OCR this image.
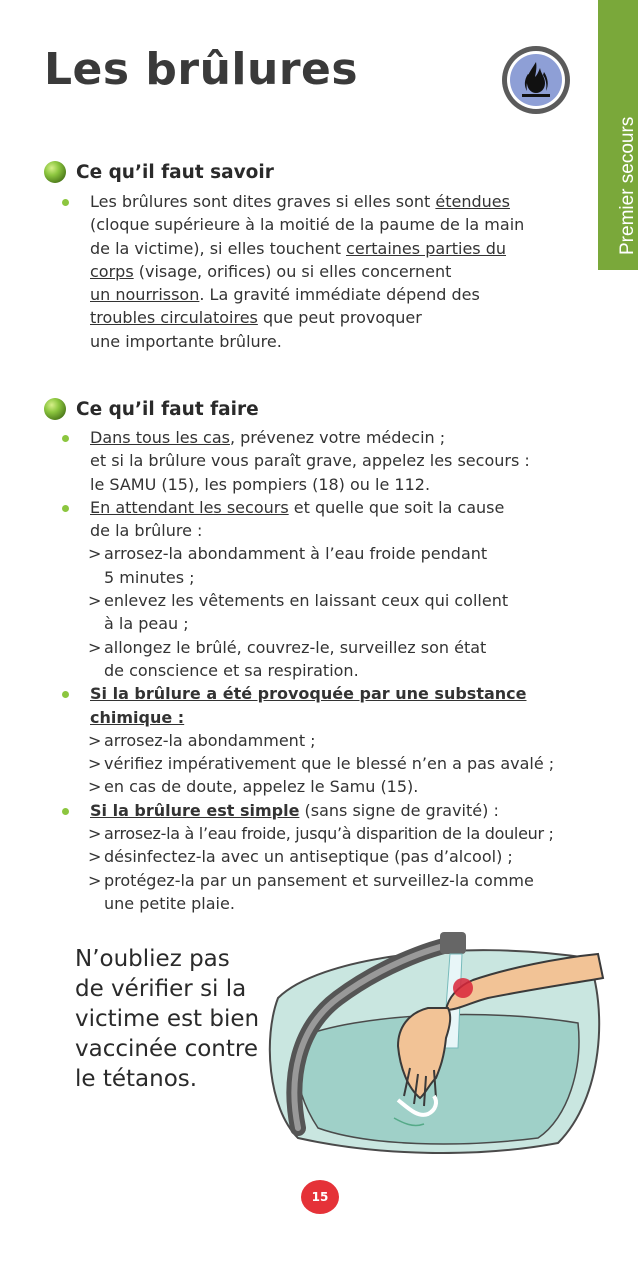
Les brûlures
Premier secours
Ce qu’il faut savoir
Les brûlures sont dites graves si elles sont étendues
(cloque supérieure à la moitié de la paume de la main
de la victime), si elles touchent certaines parties du
corps (visage, orifices) ou si elles concernent
un nourrisson. La gravité immédiate dépend des
troubles circulatoires que peut provoquer
une importante brûlure.
Ce qu’il faut faire
Dans tous les cas, prévenez votre médecin ;
et si la brûlure vous paraît grave, appelez les secours :
le SAMU (15), les pompiers (18) ou le 112.
En attendant les secours et quelle que soit la cause
de la brûlure :
> arrosez-la abondamment à l’eau froide pendant
5 minutes ;
> enlevez les vêtements en laissant ceux qui collent
à la peau ;
> allongez le brûlé, couvrez-le, surveillez son état
de conscience et sa respiration.
Si la brûlure a été provoquée par une substance
chimique :
> arrosez-la abondamment ;
> vérifiez impérativement que le blessé n’en a pas avalé ;
> en cas de doute, appelez le Samu (15).
Si la brûlure est simple (sans signe de gravité) :
> arrosez-la à l’eau froide, jusqu’à disparition de la douleur ;
> désinfectez-la avec un antiseptique (pas d’alcool) ;
> protégez-la par un pansement et surveillez-la comme
une petite plaie.
N’oubliez pas
de vérifier si la
victime est bien
vaccinée contre
le tétanos.
15
